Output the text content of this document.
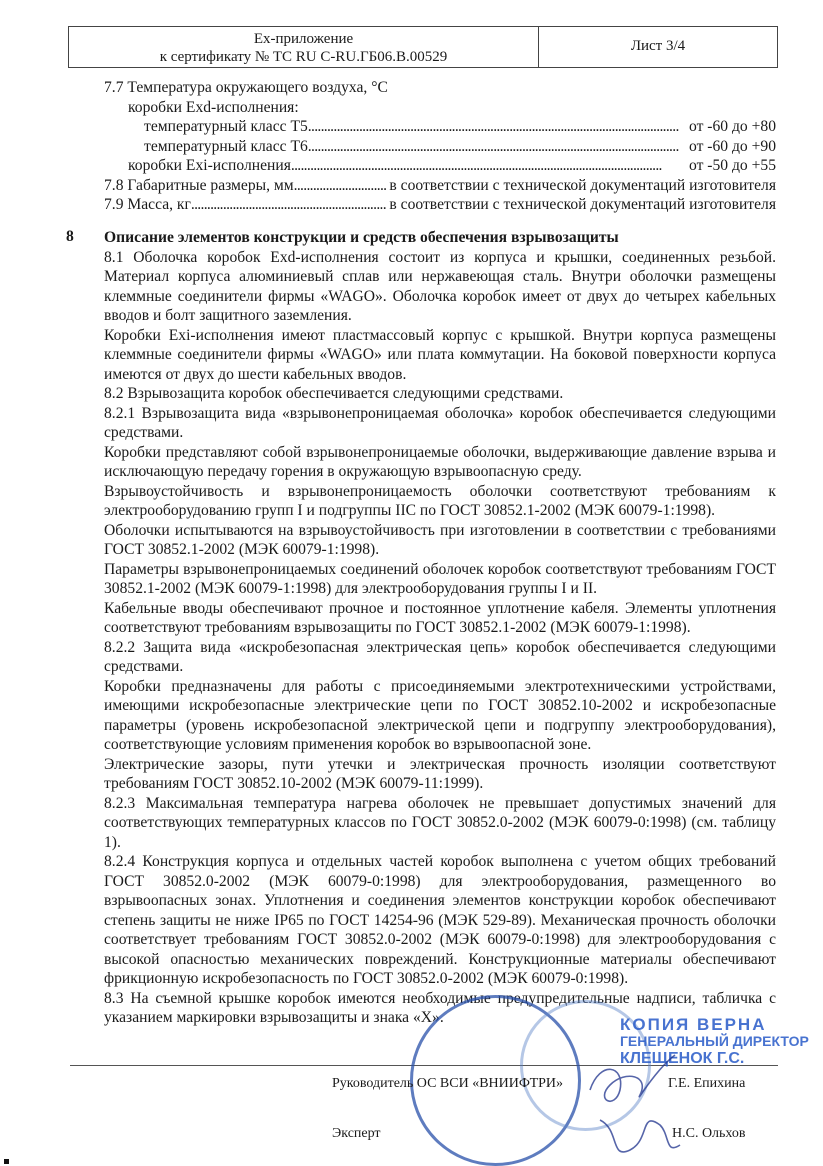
Ex-приложение
к сертификату № ТС RU C-RU.ГБ06.В.00529
Лист 3/4
7.7 Температура окружающего воздуха, °С
коробки Exd-исполнения:
температурный класс Т5 . . .	от -60 до +80
температурный класс Т6 . . .	от -60 до +90
коробки Exi-исполнения . . .	от -50 до +55
7.8 Габаритные размеры, мм . . .	в соответствии с технической документаций изготовителя
7.9 Масса, кг . . .	в соответствии с технической документаций изготовителя
8 Описание элементов конструкции и средств обеспечения взрывозащиты

8.1 Оболочка коробок Exd-исполнения состоит из корпуса и крышки, соединенных резьбой. Материал корпуса алюминиевый сплав или нержавеющая сталь. Внутри оболочки размещены клеммные соединители фирмы «WAGO». Оболочка коробок имеет от двух до четырех кабельных вводов и болт защитного заземления.

Коробки Exi-исполнения имеют пластмассовый корпус с крышкой. Внутри корпуса размещены клеммные соединители фирмы «WAGO» или плата коммутации. На боковой поверхности корпуса имеются от двух до шести кабельных вводов.

8.2 Взрывозащита коробок обеспечивается следующими средствами.

8.2.1 Взрывозащита вида «взрывонепроницаемая оболочка» коробок обеспечивается следующими средствами.

Коробки представляют собой взрывонепроницаемые оболочки, выдерживающие давление взрыва и исключающую передачу горения в окружающую взрывоопасную среду.

Взрывоустойчивость и взрывонепроницаемость оболочки соответствуют требованиям к электрооборудованию групп I и подгруппы IIC по ГОСТ 30852.1-2002 (МЭК 60079-1:1998).

Оболочки испытываются на взрывоустойчивость при изготовлении в соответствии с требованиями ГОСТ 30852.1-2002 (МЭК 60079-1:1998).

Параметры взрывонепроницаемых соединений оболочек коробок соответствуют требованиям ГОСТ 30852.1-2002 (МЭК 60079-1:1998) для электрооборудования группы I и II.

Кабельные вводы обеспечивают прочное и постоянное уплотнение кабеля. Элементы уплотнения соответствуют требованиям взрывозащиты по ГОСТ 30852.1-2002 (МЭК 60079-1:1998).

8.2.2 Защита вида «искробезопасная электрическая цепь» коробок обеспечивается следующими средствами.

Коробки предназначены для работы с присоединяемыми электротехническими устройствами, имеющими искробезопасные электрические цепи по ГОСТ 30852.10-2002 и искробезопасные параметры (уровень искробезопасной электрической цепи и подгруппу электрооборудования), соответствующие условиям применения коробок во взрывоопасной зоне.

Электрические зазоры, пути утечки и электрическая прочность изоляции соответствуют требованиям ГОСТ 30852.10-2002 (МЭК 60079-11:1999).

8.2.3 Максимальная температура нагрева оболочек не превышает допустимых значений для соответствующих температурных классов по ГОСТ 30852.0-2002 (МЭК 60079-0:1998) (см. таблицу 1).

8.2.4 Конструкция корпуса и отдельных частей коробок выполнена с учетом общих требований ГОСТ 30852.0-2002 (МЭК 60079-0:1998) для электрооборудования, размещенного во взрывоопасных зонах. Уплотнения и соединения элементов конструкции коробок обеспечивают степень защиты не ниже IP65 по ГОСТ 14254-96 (МЭК 529-89). Механическая прочность оболочки соответствует требованиям ГОСТ 30852.0-2002 (МЭК 60079-0:1998) для электрооборудования с высокой опасностью механических повреждений. Конструкционные материалы обеспечивают фрикционную искробезопасность по ГОСТ 30852.0-2002 (МЭК 60079-0:1998).

8.3 На съемной крышке коробок имеются необходимые предупредительные надписи, табличка с указанием маркировки взрывозащиты и знака «Х».	КОПИЯ ВЕРНА
ГЕНЕРАЛЬНЫЙ ДИРЕКТОР
КЛЕЩЕНОК Г.С.
Руководитель ОС ВСИ «ВНИИФТРИ»	Г.Е. Епихина
Эксперт	Н.С. Ольхов
